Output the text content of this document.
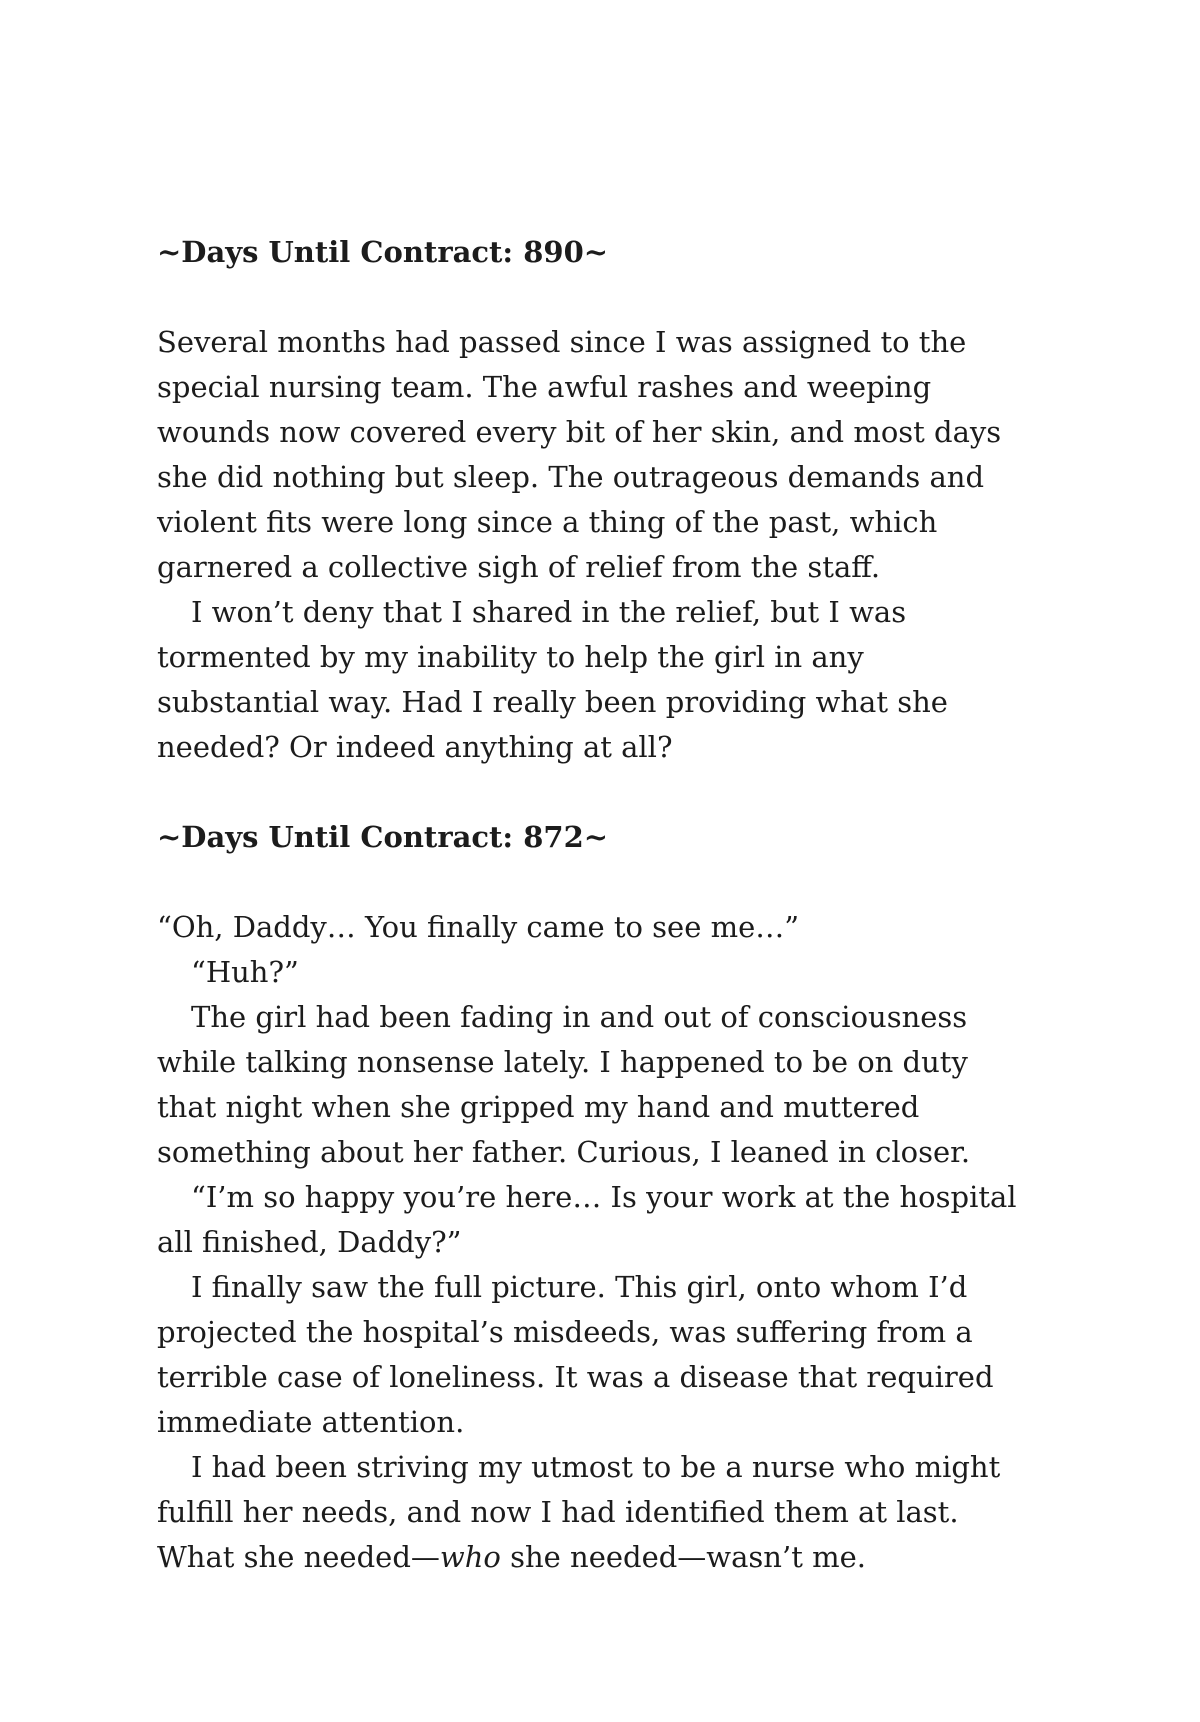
~Days Until Contract: 890~

Several months had passed since I was assigned to the
special nursing team. The awful rashes and weeping
wounds now covered every bit of her skin, and most days
she did nothing but sleep. The outrageous demands and
violent fits were long since a thing of the past, which
garnered a collective sigh of relief from the staff.

I won’t deny that I shared in the relief, but I was
tormented by my inability to help the girl in any
substantial way. Had I really been providing what she
needed? Or indeed anything at all?

~Days Until Contract: 872~

“Oh, Daddy… You finally came to see me…”

“Huh?”

The girl had been fading in and out of consciousness
while talking nonsense lately. I happened to be on duty
that night when she gripped my hand and muttered
something about her father. Curious, I leaned in closer.

“I’m so happy you’re here… Is your work at the hospital
all finished, Daddy?”

I finally saw the full picture. This girl, onto whom I’d
projected the hospital’s misdeeds, was suffering from a
terrible case of loneliness. It was a disease that required
immediate attention.

I had been striving my utmost to be a nurse who might
fulfill her needs, and now I had identified them at last.
What she needed—who she needed—wasn’t me.
